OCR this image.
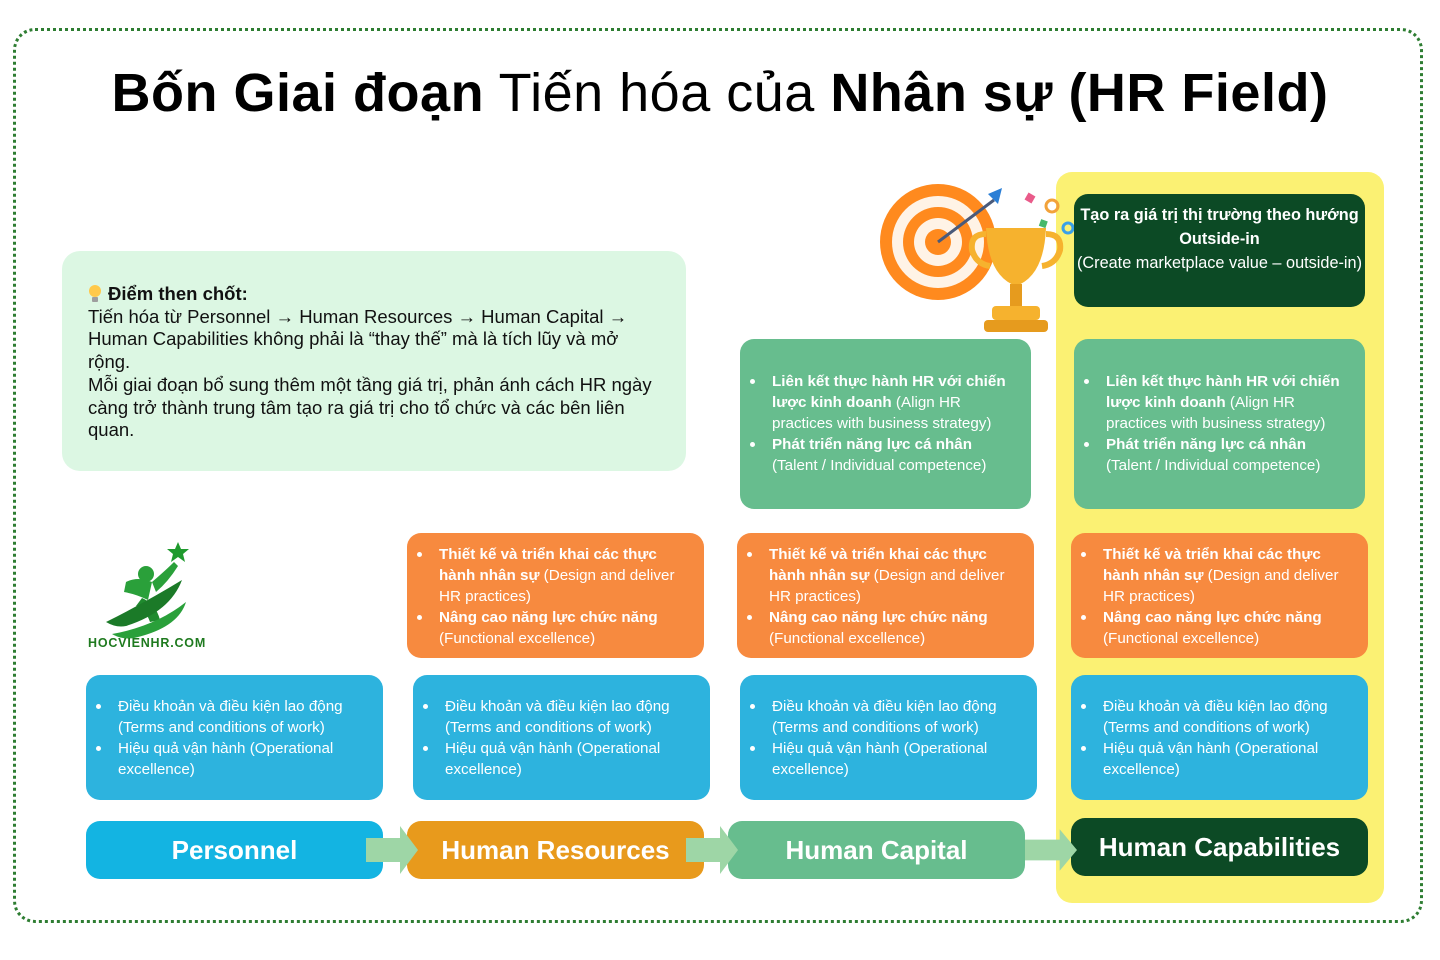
Bốn Giai đoạn Tiến hóa của Nhân sự (HR Field)
Điểm then chốt:
Tiến hóa từ Personnel → Human Resources → Human Capital → Human Capabilities không phải là “thay thế” mà là tích lũy và mở rộng.
Mỗi giai đoạn bổ sung thêm một tầng giá trị, phản ánh cách HR ngày càng trở thành trung tâm tạo ra giá trị cho tổ chức và các bên liên quan.
HOCVIENHR.COM
Tạo ra giá trị thị trường theo hướng Outside-in
(Create marketplace value – outside-in)
Liên kết thực hành HR với chiến lược kinh doanh (Align HR practices with business strategy)
Phát triển năng lực cá nhân (Talent / Individual competence)
Liên kết thực hành HR với chiến lược kinh doanh (Align HR practices with business strategy)
Phát triển năng lực cá nhân (Talent / Individual competence)
Thiết kế và triển khai các thực hành nhân sự (Design and deliver HR practices)
Nâng cao năng lực chức năng (Functional excellence)
Thiết kế và triển khai các thực hành nhân sự (Design and deliver HR practices)
Nâng cao năng lực chức năng (Functional excellence)
Thiết kế và triển khai các thực hành nhân sự (Design and deliver HR practices)
Nâng cao năng lực chức năng (Functional excellence)
Điều khoản và điều kiện lao động (Terms and conditions of work)
Hiệu quả vận hành (Operational excellence)
Điều khoản và điều kiện lao động (Terms and conditions of work)
Hiệu quả vận hành (Operational excellence)
Điều khoản và điều kiện lao động (Terms and conditions of work)
Hiệu quả vận hành (Operational excellence)
Điều khoản và điều kiện lao động (Terms and conditions of work)
Hiệu quả vận hành (Operational excellence)
Personnel	Human Resources	Human Capital	Human Capabilities
